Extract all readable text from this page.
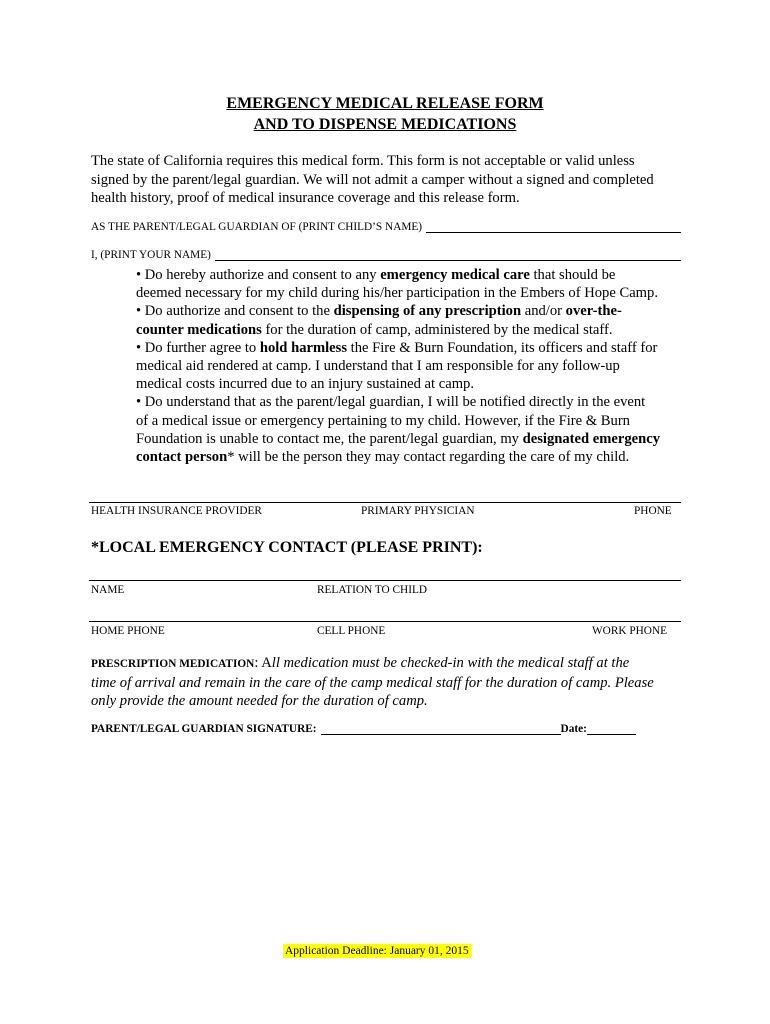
EMERGENCY MEDICAL RELEASE FORM
AND TO DISPENSE MEDICATIONS
The state of California requires this medical form. This form is not acceptable or valid unless
signed by the parent/legal guardian. We will not admit a camper without a signed and completed
health history, proof of medical insurance coverage and this release form.
AS THE PARENT/LEGAL GUARDIAN OF (PRINT CHILD’S NAME)
I, (PRINT YOUR NAME)
• Do hereby authorize and consent to any emergency medical care that should be
deemed necessary for my child during his/her participation in the Embers of Hope Camp.
• Do authorize and consent to the dispensing of any prescription and/or over-the-
counter medications for the duration of camp, administered by the medical staff.
• Do further agree to hold harmless the Fire & Burn Foundation, its officers and staff for
medical aid rendered at camp. I understand that I am responsible for any follow-up
medical costs incurred due to an injury sustained at camp.
• Do understand that as the parent/legal guardian, I will be notified directly in the event
of a medical issue or emergency pertaining to my child. However, if the Fire & Burn
Foundation is unable to contact me, the parent/legal guardian, my designated emergency
contact person* will be the person they may contact regarding the care of my child.
HEALTH INSURANCE PROVIDER	PRIMARY PHYSICIAN	PHONE
*LOCAL EMERGENCY CONTACT (PLEASE PRINT):
NAME	RELATION TO CHILD
HOME PHONE	CELL PHONE	WORK PHONE
PRESCRIPTION MEDICATION: All medication must be checked-in with the medical staff at the
time of arrival and remain in the care of the camp medical staff for the duration of camp. Please
only provide the amount needed for the duration of camp.
PARENT/LEGAL GUARDIAN SIGNATURE:	Date:
Application Deadline: January 01, 2015
